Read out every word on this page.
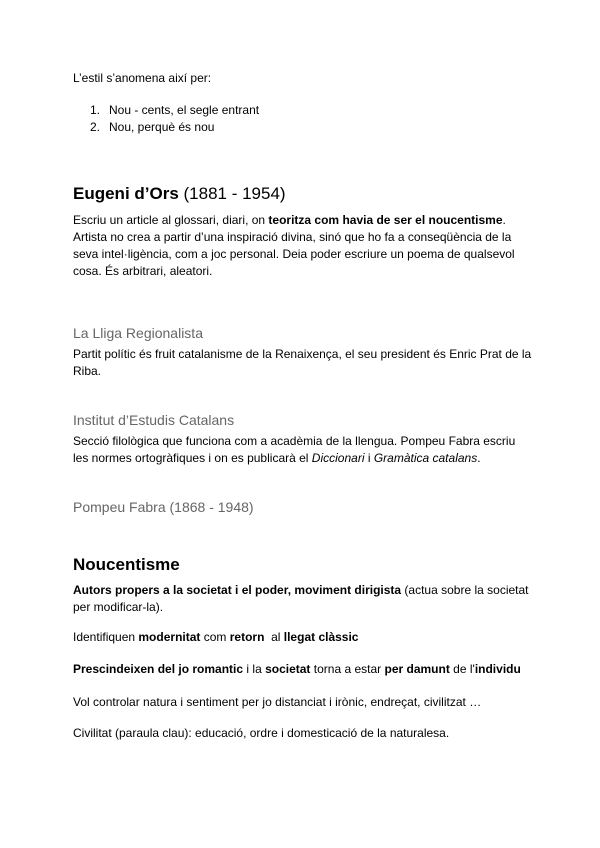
L’estil s’anomena així per:

1. Nou - cents, el segle entrant
2. Nou, perquè és nou
Eugeni d’Ors (1881 - 1954)

Escriu un article al glossari, diari, on teoritza com havia de ser el noucentisme. Artista no crea a partir d’una inspiració divina, sinó que ho fa a conseqüència de la seva intel·ligència, com a joc personal. Deia poder escriure un poema de qualsevol cosa. És arbitrari, aleatori.

La Lliga Regionalista

Partit polític és fruit catalanisme de la Renaixença, el seu president és Enric Prat de la Riba.

Institut d’Estudis Catalans

Secció filològica que funciona com a acadèmia de la llengua. Pompeu Fabra escriu les normes ortogràfiques i on es publicarà el Diccionari i Gramàtica catalans.

Pompeu Fabra (1868 - 1948)
Noucentisme

Autors propers a la societat i el poder, moviment dirigista (actua sobre la societat per modificar-la).

Identifiquen modernitat com retorn  al llegat clàssic

Prescindeixen del jo romantic i la societat torna a estar per damunt de l'individu

Vol controlar natura i sentiment per jo distanciat i irònic, endreçat, civilitzat …

Civilitat (paraula clau): educació, ordre i domesticació de la naturalesa.
